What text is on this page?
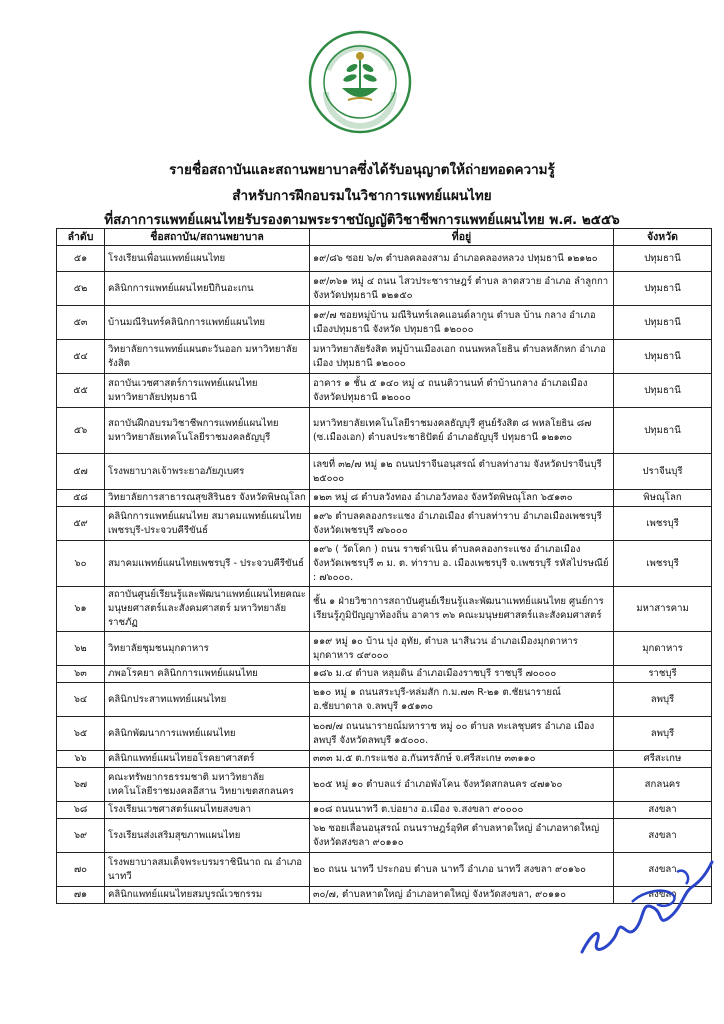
รายชื่อสถาบันและสถานพยาบาลซึ่งได้รับอนุญาตให้ถ่ายทอดความรู้
สำหรับการฝึกอบรมในวิชาการแพทย์แผนไทย
ที่สภาการแพทย์แผนไทยรับรองตามพระราชบัญญัติวิชาชีพการแพทย์แผนไทย พ.ศ. ๒๕๕๖
ลำดับ	ชื่อสถาบัน/สถานพยาบาล	ที่อยู่	จังหวัด
๕๑	โรงเรียนเพื่อนแพทย์แผนไทย	๑๙/๘๖ ซอย ๖/๓ ตำบลคลองสาม อำเภอคลองหลวง ปทุมธานี ๑๒๑๒๐	ปทุมธานี
๕๒	คลินิกการแพทย์แผนไทยปีกินอะเกน	๑๙/๓๖๑ หมู่ ๔ ถนน ไสวประชาราษฎร์ ตำบล ลาดสวาย อำเภอ ลำลูกกา จังหวัดปทุมธานี ๑๒๑๕๐	ปทุมธานี
๕๓	บ้านมณีรินทร์คลินิกการแพทย์แผนไทย	๑๙/๗ ซอยหมู่บ้าน มณีรินทร์เลคแอนด์ลากูน ตำบล บ้าน กลาง อำเภอเมืองปทุมธานี จังหวัด ปทุมธานี ๑๒๐๐๐	ปทุมธานี
๕๔	วิทยาลัยการแพทย์แผนตะวันออก มหาวิทยาลัยรังสิต	มหาวิทยาลัยรังสิต หมู่บ้านเมืองเอก ถนนพหลโยธิน ตำบลหลักหก อำเภอเมือง ปทุมธานี ๑๒๐๐๐	ปทุมธานี
๕๕	สถาบันเวชศาสตร์การแพทย์แผนไทย มหาวิทยาลัยปทุมธานี	อาคาร ๑ ชั้น ๕ ๑๔๐ หมู่ ๔ ถนนติวานนท์ ตำบ้านกลาง อำเภอเมืองจังหวัดปทุมธานี ๑๒๐๐๐	ปทุมธานี
๕๖	สถาบันฝึกอบรมวิชาชีพการแพทย์แผนไทย มหาวิทยาลัยเทคโนโลยีราชมงคลธัญบุรี	มหาวิทยาลัยเทคโนโลยีราชมงคลธัญบุรี ศูนย์รังสิต ๘ พหลโยธิน ๘๗ (ซ.เมืองเอก) ตำบลประชาธิปัตย์ อำเภอธัญบุรี ปทุมธานี ๑๒๑๓๐	ปทุมธานี
๕๗	โรงพยาบาลเจ้าพระยาอภัยภูเบศร	เลขที่ ๓๒/๗ หมู่ ๑๒ ถนนปราจีนอนุสรณ์ ตำบลท่างาม จังหวัดปราจีนบุรี ๒๕๐๐๐	ปราจีนบุรี
๕๘	วิทยาลัยการสาธารณสุขสิรินธร จังหวัดพิษณุโลก	๑๒๓ หมู่ ๘ ตำบลวังทอง อำเภอวังทอง จังหวัดพิษณุโลก ๖๕๑๓๐	พิษณุโลก
๕๙	คลินิกการแพทย์แผนไทย สมาคมแพทย์แผนไทยเพชรบุรี-ประจวบคีรีขันธ์	๑๙๖ ตำบลคลองกระแชง อำเภอเมือง ตำบลท่าราบ อำเภอเมืองเพชรบุรี จังหวัดเพชรบุรี ๗๖๐๐๐	เพชรบุรี
๖๐	สมาคมแพทย์แผนไทยเพชรบุรี - ประจวบคีรีขันธ์	๑๙๖ ( วัดโคก ) ถนน ราชดำเนิน ตำบลคลองกระแชง อำเภอเมือง จังหวัดเพชรบุรี ๓ ม. ต. ท่าราบ อ. เมืองเพชรบุรี จ.เพชรบุรี รหัสไปรษณีย์ : ๗๖๐๐๐.	เพชรบุรี
๖๑	สถาบันศูนย์เรียนรู้และพัฒนาแพทย์แผนไทยคณะมนุษยศาสตร์และสังคมศาสตร์ มหาวิทยาลัยราชภัฏ	ชั้น ๑ ฝ่ายวิชาการสถาบันศูนย์เรียนรู้และพัฒนาแพทย์แผนไทย ศูนย์การเรียนรู้ภูมิปัญญาท้องถิ่น อาคาร ๓๖ คณะมนุษยศาสตร์และสังคมศาสตร์	มหาสารคาม
๖๒	วิทยาลัยชุมชนมุกดาหาร	๑๑๙ หมู่ ๑๐ บ้าน บุ่ง อุทัย, ตำบล นาสีนวน อำเภอเมืองมุกดาหาร มุกดาหาร ๔๙๐๐๐	มุกดาหาร
๖๓	ภพอโรคยา คลินิกการแพทย์แผนไทย	๑๘๖ ม.๔ ตำบล หลุมดิน อำเภอเมืองราชบุรี ราชบุรี ๗๐๐๐๐	ราชบุรี
๖๔	คลินิกประสาทแพทย์แผนไทย	๒๑๐ หมู่ ๑ ถนนสระบุรี-หล่มสัก ก.ม.๗๓ R-๒๑ ต.ชัยนารายณ์ อ.ชัยบาดาล จ.ลพบุรี ๑๕๑๓๐	ลพบุรี
๖๕	คลินิกพัฒนาการแพทย์แผนไทย	๒๐๗/๗ ถนนนารายณ์มหาราช หมู่ ๐๐ ตำบล ทะเลชุบศร อำเภอ เมืองลพบุรี จังหวัดลพบุรี ๑๕๐๐๐.	ลพบุรี
๖๖	คลินิกแพทย์แผนไทยอโรคยาศาสตร์	๓๓๓ ม.๕ ต.กระแชง อ.กันทรลักษ์ จ.ศรีสะเกษ ๓๓๑๑๐	ศรีสะเกษ
๖๗	คณะทรัพยากรธรรมชาติ มหาวิทยาลัยเทคโนโลยีราชมงคลอีสาน วิทยาเขตสกลนคร	๒๐๕ หมู่ ๑๐ ตำบลแร่ อำเภอพังโคน จังหวัดสกลนคร ๔๗๑๖๐	สกลนคร
๖๘	โรงเรียนเวชศาสตร์แผนไทยสงขลา	๑๐๘ ถนนนาทวี ต.บ่อยาง อ.เมือง จ.สงขลา ๙๐๐๐๐	สงขลา
๖๙	โรงเรียนส่งเสริมสุขภาพแผนไทย	๖๒ ซอยเลื่อนอนุสรณ์ ถนนราษฎร์อุทิศ ตำบลหาดใหญ่ อำเภอหาดใหญ่ จังหวัดสงขลา ๙๐๑๑๐	สงขลา
๗๐	โรงพยาบาลสมเด็จพระบรมราชินีนาถ ณ อำเภอนาทวี	๒๐ ถนน นาทวี ประกอบ ตำบล นาทวี อำเภอ นาทวี สงขลา ๙๐๑๖๐	สงขลา
๗๑	คลินิกแพทย์แผนไทยสมบูรณ์เวชกรรม	๓๐/๗, ตำบลหาดใหญ่ อำเภอหาดใหญ่ จังหวัดสงขลา, ๙๐๑๑๐	สงขลา
